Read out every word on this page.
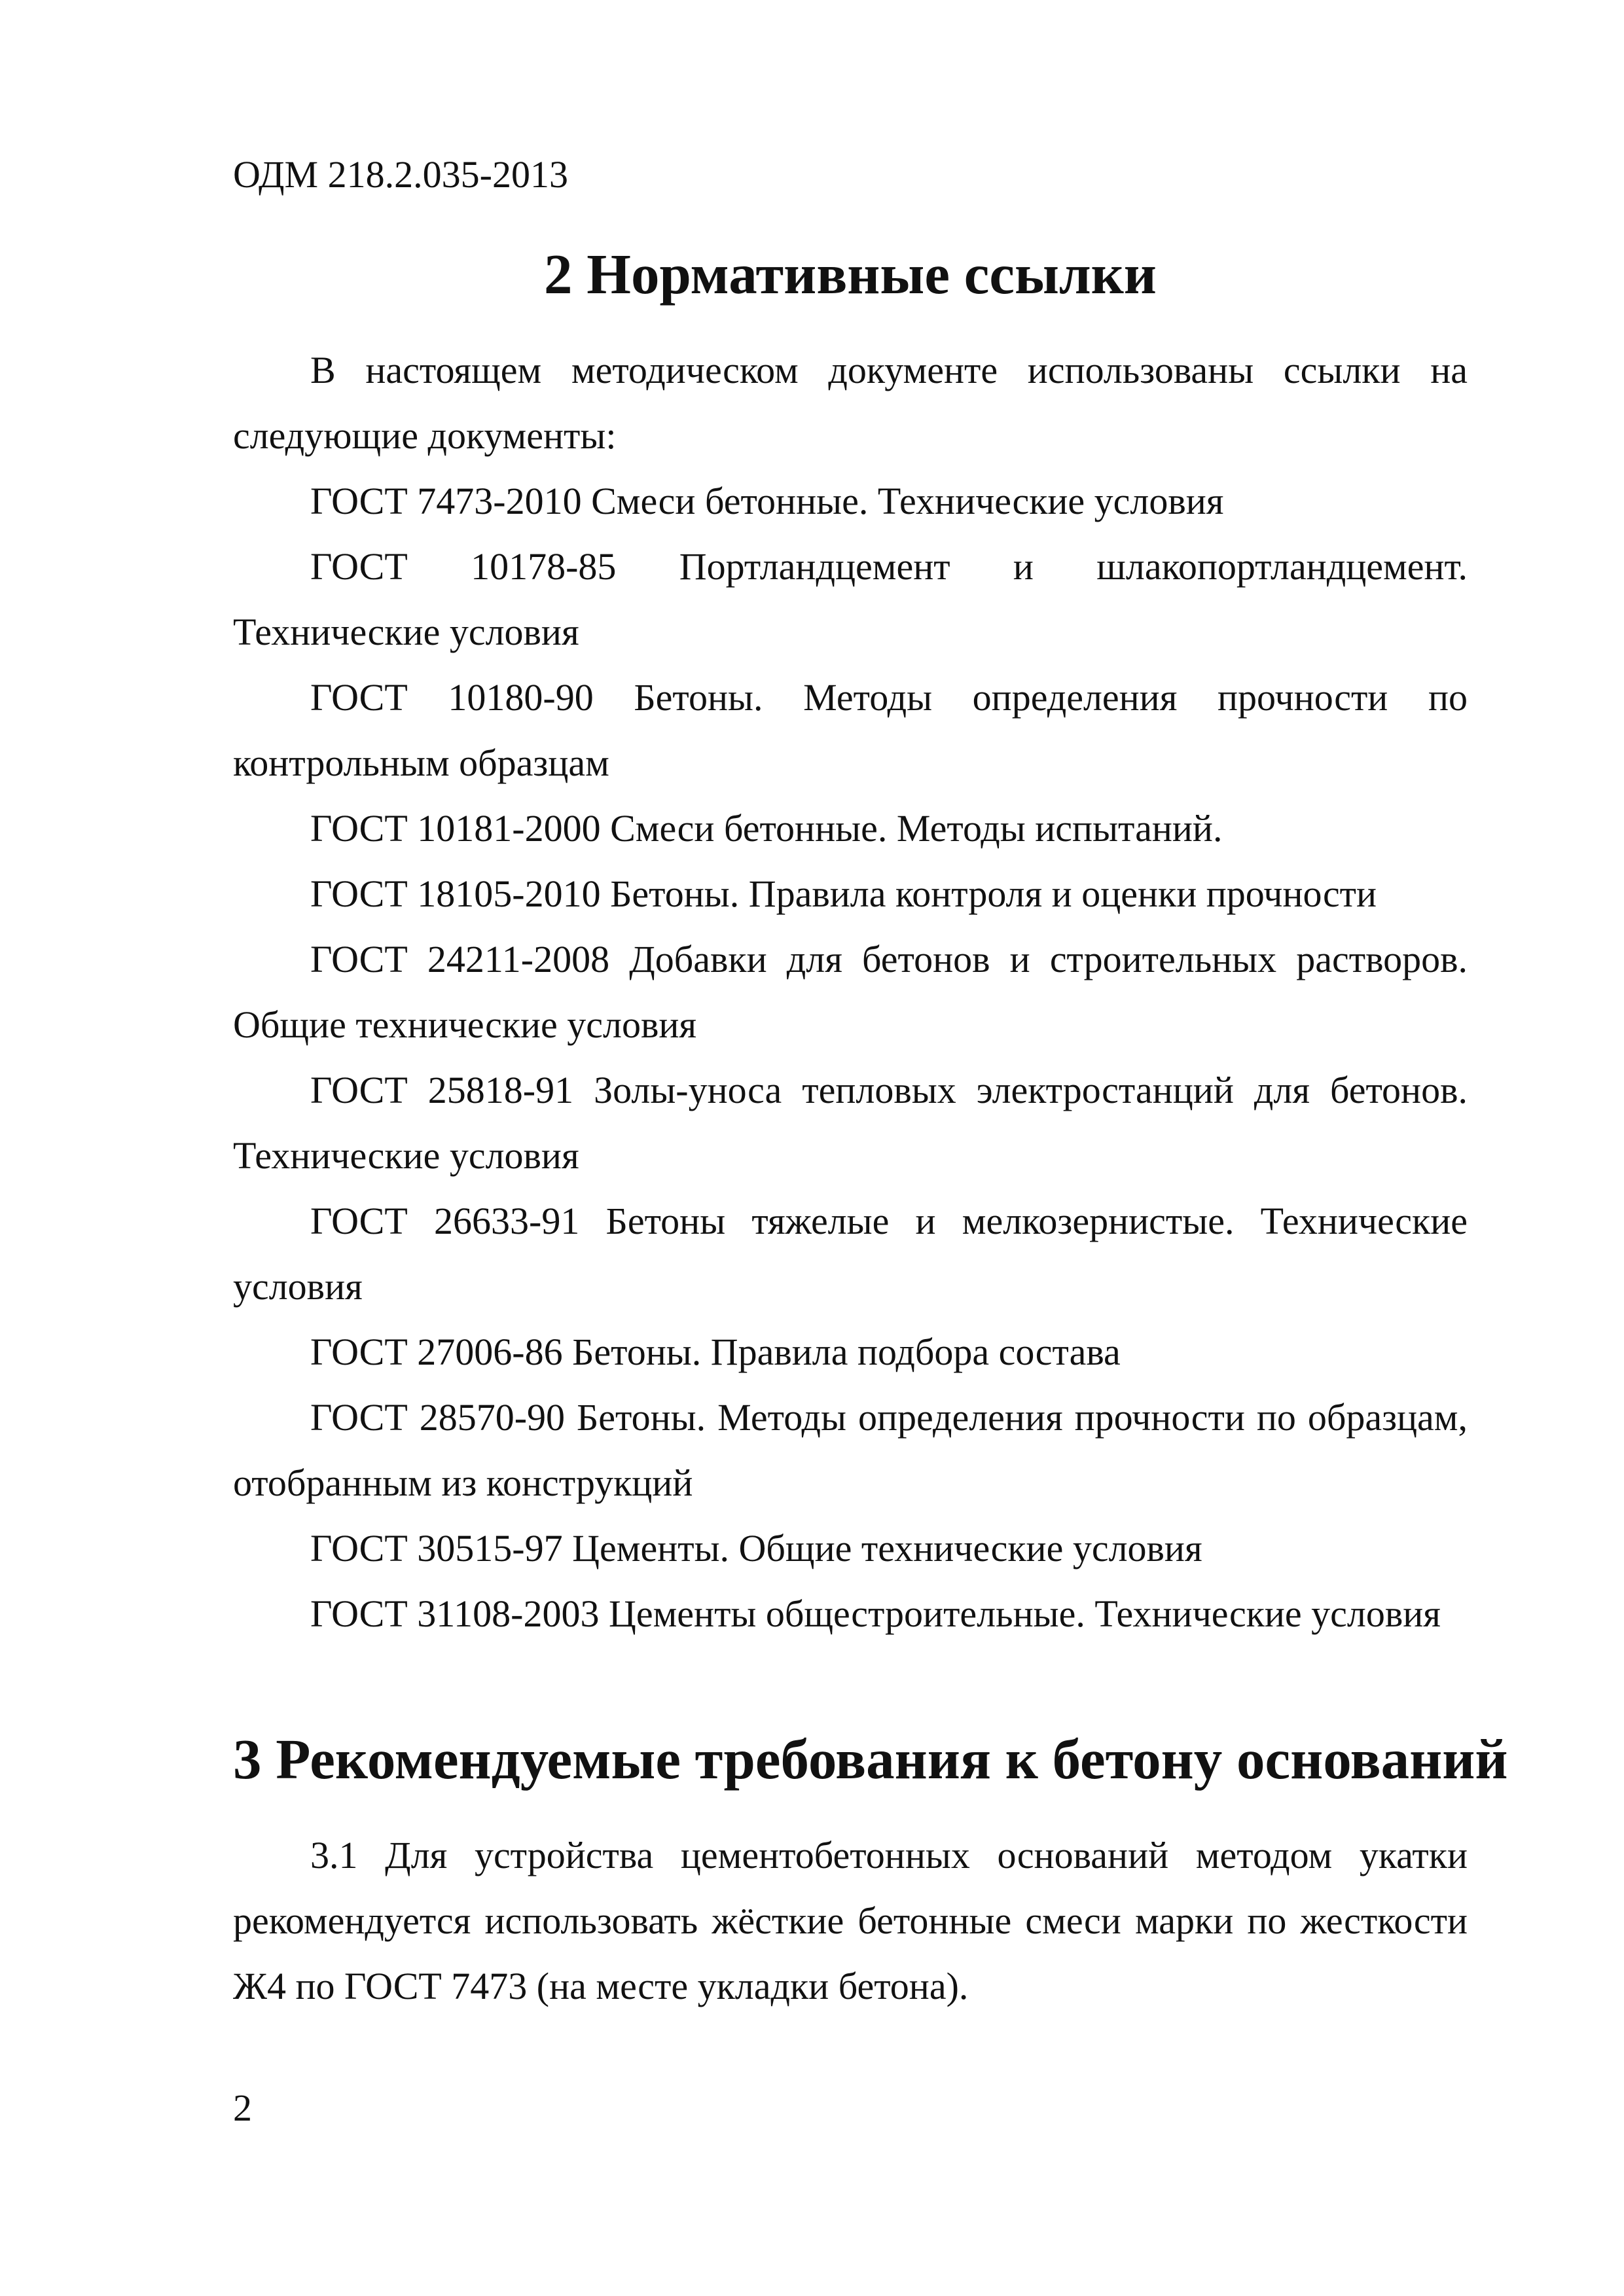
ОДМ 218.2.035-2013
2 Нормативные ссылки

В настоящем методическом документе использованы ссылки на следующие документы:

ГОСТ 7473-2010 Смеси бетонные. Технические условия
ГОСТ 10178-85 Портландцемент и шлакопортландцемент. Технические условия
ГОСТ 10180-90 Бетоны. Методы определения прочности по контрольным образцам
ГОСТ 10181-2000 Смеси бетонные. Методы испытаний.
ГОСТ 18105-2010 Бетоны. Правила контроля и оценки прочности
ГОСТ 24211-2008 Добавки для бетонов и строительных растворов. Общие технические условия
ГОСТ 25818-91 Золы-уноса тепловых электростанций для бетонов. Технические условия
ГОСТ 26633-91 Бетоны тяжелые и мелкозернистые. Технические условия
ГОСТ 27006-86 Бетоны. Правила подбора состава
ГОСТ 28570-90 Бетоны. Методы определения прочности по образцам, отобранным из конструкций
ГОСТ 30515-97 Цементы. Общие технические условия
ГОСТ 31108-2003 Цементы общестроительные. Технические условия
3 Рекомендуемые требования к бетону оснований

3.1 Для устройства цементобетонных оснований методом укатки рекомендуется использовать жёсткие бетонные смеси марки по жесткости Ж4 по ГОСТ 7473 (на месте укладки бетона).

2
